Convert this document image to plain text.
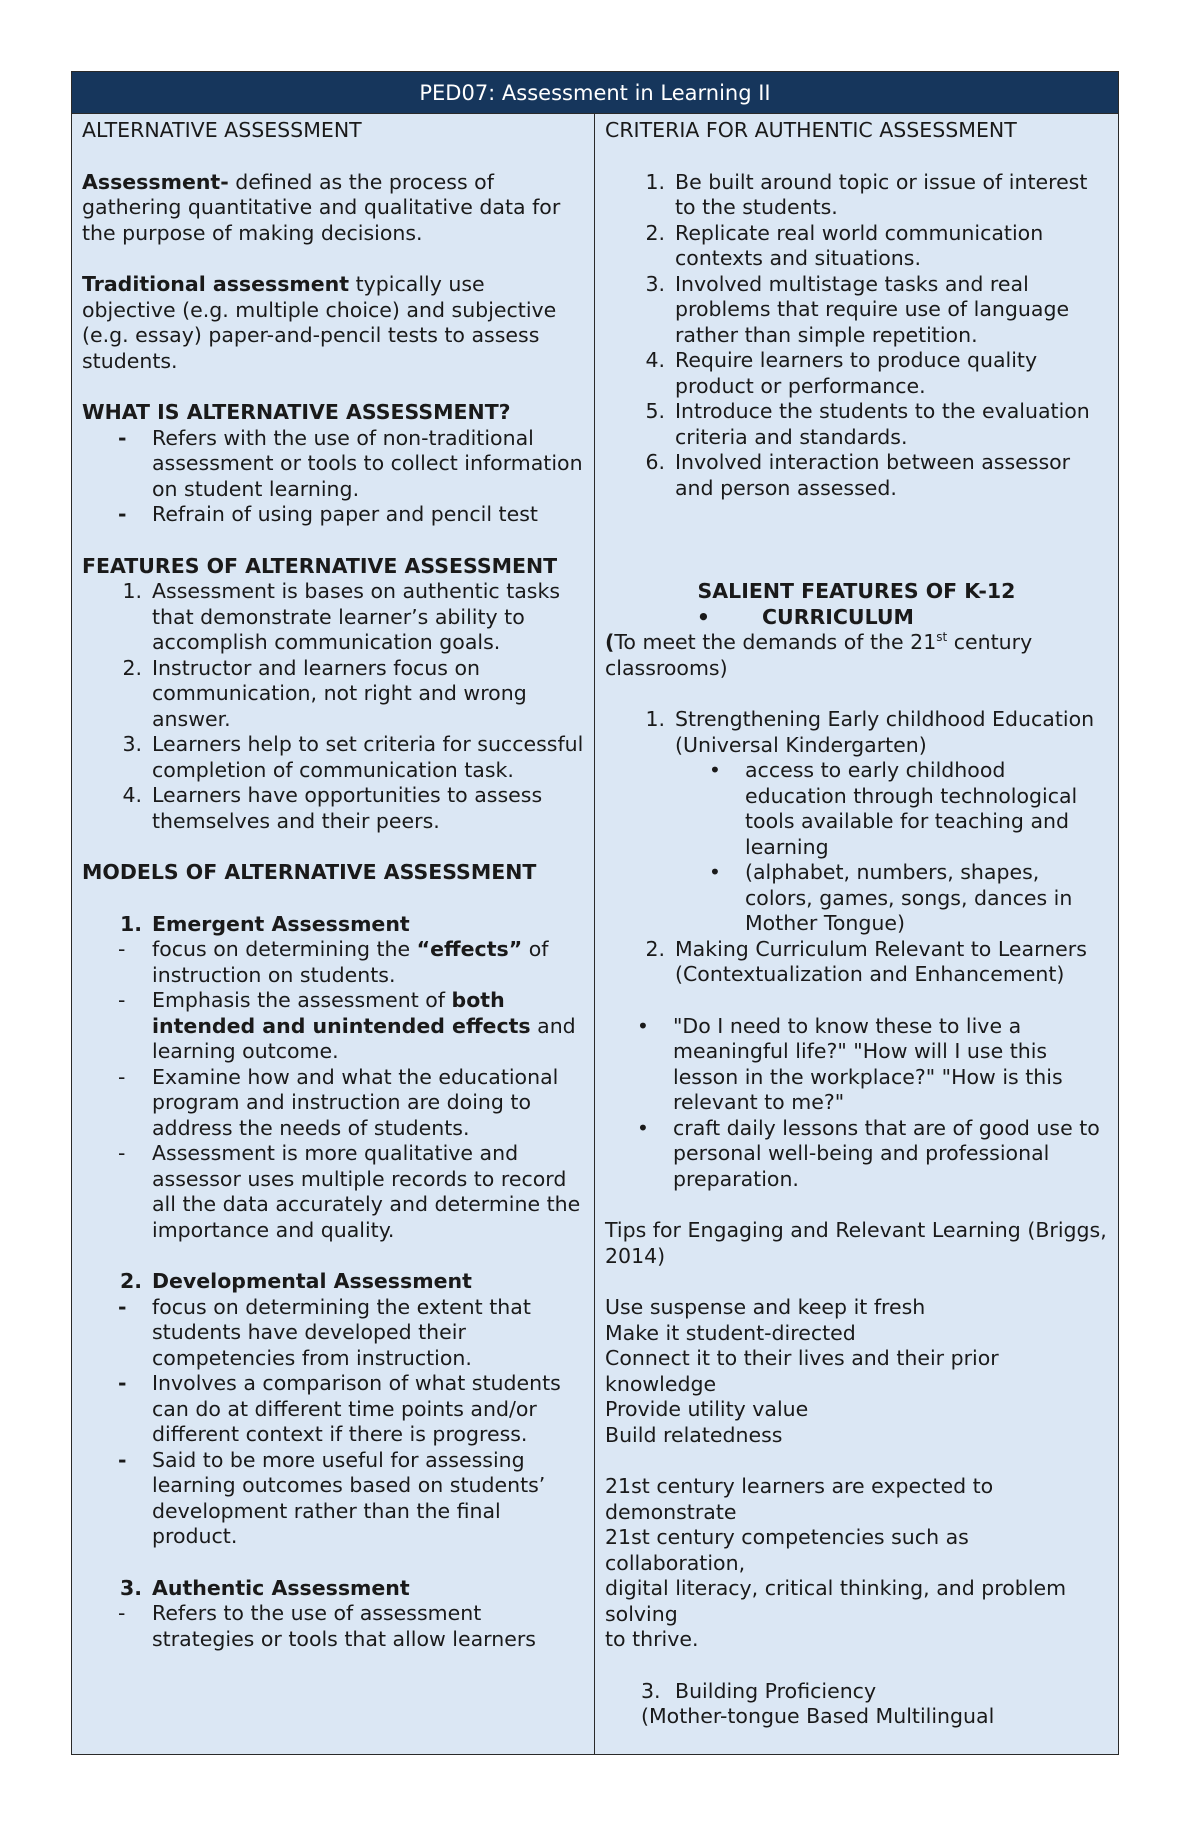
PED07: Assessment in Learning II
ALTERNATIVE ASSESSMENT
Assessment- defined as the process of gathering quantitative and qualitative data for the purpose of making decisions.
Traditional assessment typically use objective (e.g. multiple choice) and subjective (e.g. essay) paper-and-pencil tests to assess students.
WHAT IS ALTERNATIVE ASSESSMENT?
-	Refers with the use of non-traditional assessment or tools to collect information on student learning.
-	Refrain of using paper and pencil test
FEATURES OF ALTERNATIVE ASSESSMENT
1. Assessment is bases on authentic tasks that demonstrate learner’s ability to accomplish communication goals.
2. Instructor and learners focus on communication, not right and wrong answer.
3. Learners help to set criteria for successful completion of communication task.
4. Learners have opportunities to assess themselves and their peers.
MODELS OF ALTERNATIVE ASSESSMENT
1. Emergent Assessment
-	focus on determining the “effects” of instruction on students.
-	Emphasis the assessment of both intended and unintended effects and learning outcome.
-	Examine how and what the educational program and instruction are doing to address the needs of students.
-	Assessment is more qualitative and assessor uses multiple records to record all the data accurately and determine the importance and quality.
2. Developmental Assessment
-	focus on determining the extent that students have developed their competencies from instruction.
-	Involves a comparison of what students can do at different time points and/or different context if there is progress.
-	Said to be more useful for assessing learning outcomes based on students’ development rather than the final product.
3. Authentic Assessment
-	Refers to the use of assessment strategies or tools that allow learners
CRITERIA FOR AUTHENTIC ASSESSMENT
1. Be built around topic or issue of interest to the students.
2. Replicate real world communication contexts and situations.
3. Involved multistage tasks and real problems that require use of language rather than simple repetition.
4. Require learners to produce quality product or performance.
5. Introduce the students to the evaluation criteria and standards.
6. Involved interaction between assessor and person assessed.
SALIENT FEATURES OF K-12
•	CURRICULUM
(To meet the demands of the 21st century classrooms)
1. Strengthening Early childhood Education (Universal Kindergarten)
•	access to early childhood education through technological tools available for teaching and learning
•	(alphabet, numbers, shapes, colors, games, songs, dances in Mother Tongue)
2. Making Curriculum Relevant to Learners
(Contextualization and Enhancement)
•	"Do I need to know these to live a meaningful life?" "How will I use this lesson in the workplace?" "How is this relevant to me?"
•	craft daily lessons that are of good use to personal well-being and professional preparation.
Tips for Engaging and Relevant Learning (Briggs, 2014)
Use suspense and keep it fresh
Make it student-directed
Connect it to their lives and their prior knowledge
Provide utility value
Build relatedness
21st century learners are expected to demonstrate
21st century competencies such as collaboration,
digital literacy, critical thinking, and problem solving
to thrive.
3. Building Proficiency
(Mother-tongue Based Multilingual
